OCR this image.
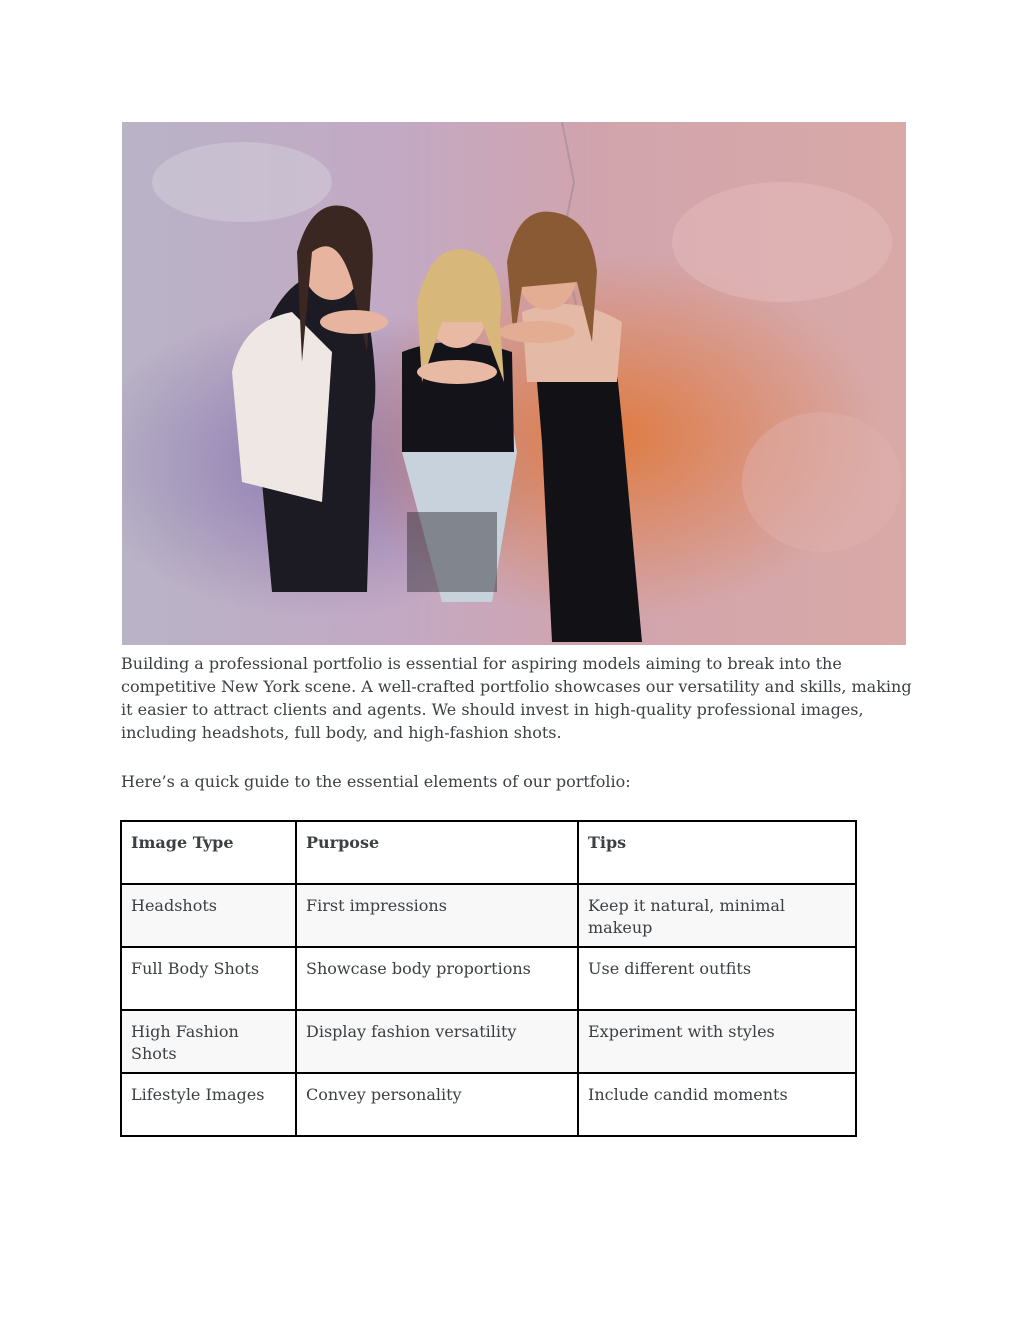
Building a professional portfolio is essential for aspiring models aiming to break into the competitive New York scene. A well-crafted portfolio showcases our versatility and skills, making it easier to attract clients and agents. We should invest in high-quality professional images, including headshots, full body, and high-fashion shots.

Here’s a quick guide to the essential elements of our portfolio:

Image Type	Purpose	Tips
Headshots	First impressions	Keep it natural, minimal makeup
Full Body Shots	Showcase body proportions	Use different outfits
High Fashion Shots	Display fashion versatility	Experiment with styles
Lifestyle Images	Convey personality	Include candid moments
